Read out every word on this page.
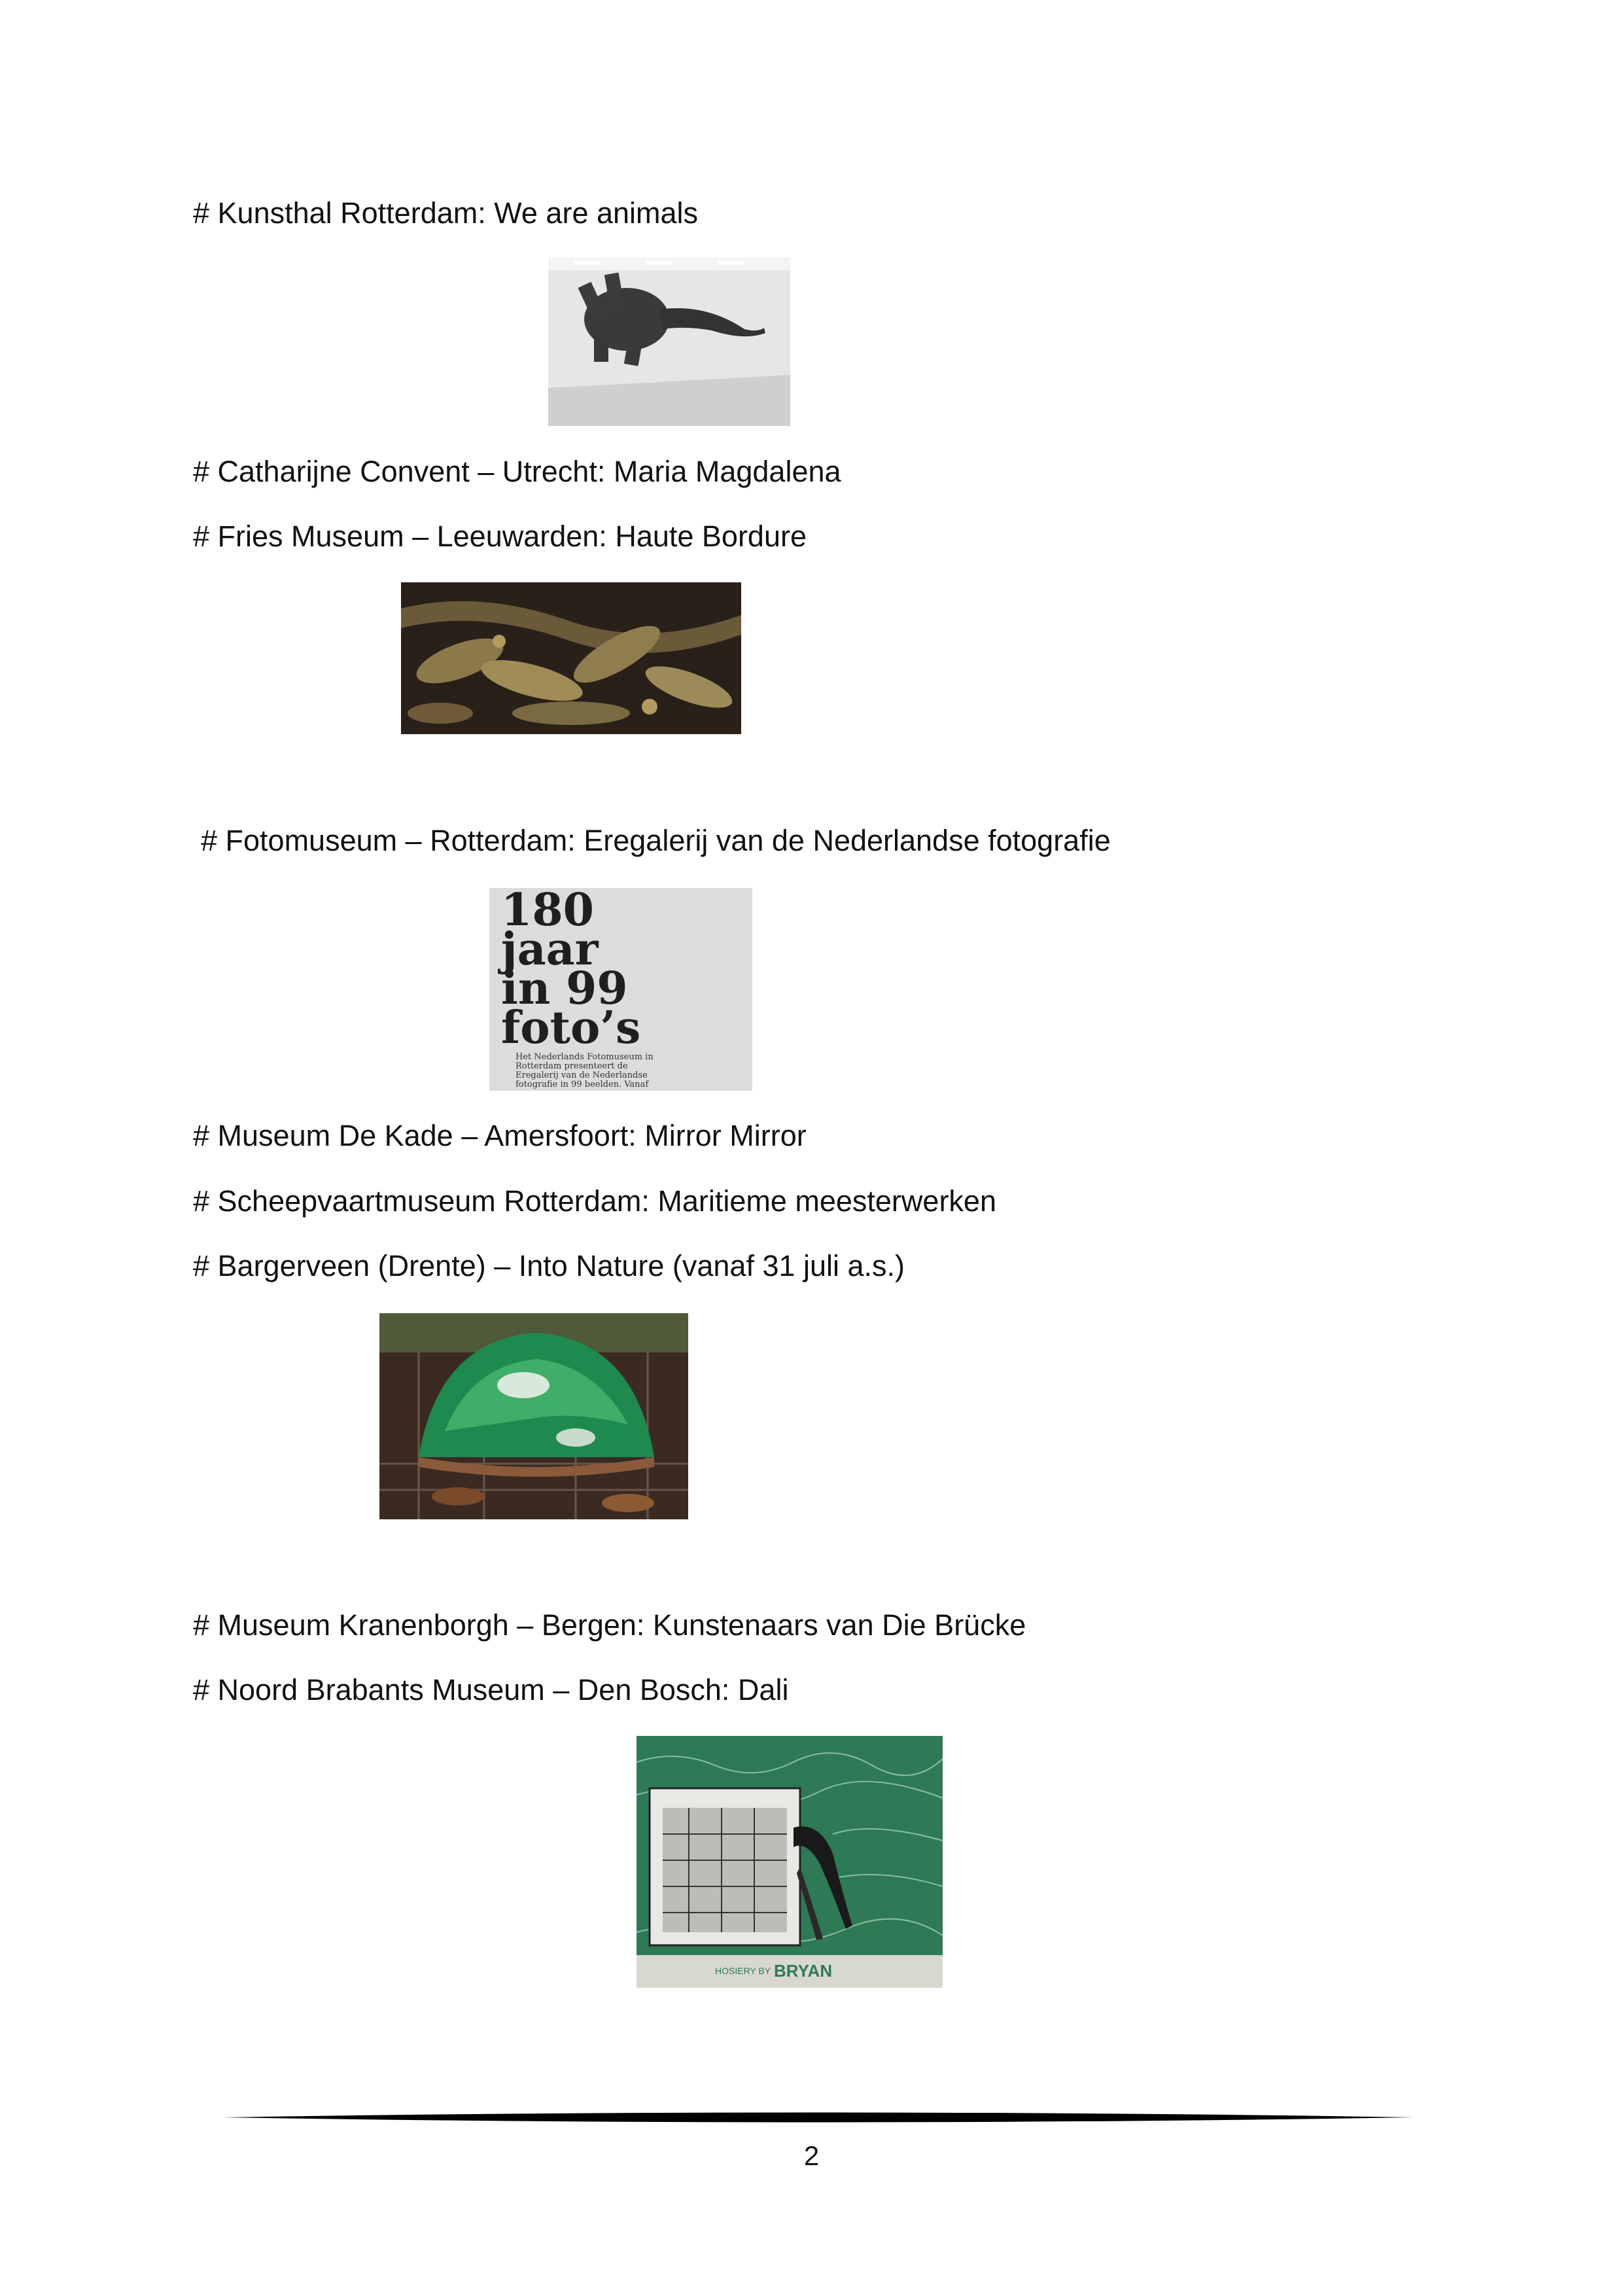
# Kunsthal Rotterdam: We are animals
# Catharijne Convent – Utrecht: Maria Magdalena
# Fries Museum – Leeuwarden: Haute Bordure
# Fotomuseum – Rotterdam: Eregalerij van de Nederlandse fotografie
180
jaar
in 99
foto’s
Het Nederlands Fotomuseum in
Rotterdam presenteert de
Eregalerij van de Nederlandse
fotografie in 99 beelden. Vanaf
# Museum De Kade – Amersfoort: Mirror Mirror
# Scheepvaartmuseum Rotterdam: Maritieme meesterwerken
# Bargerveen (Drente) – Into Nature (vanaf 31 juli a.s.)
# Museum Kranenborgh – Bergen: Kunstenaars van Die Brücke
# Noord Brabants Museum – Den Bosch: Dali
HOSIERY BY BRYAN
2
